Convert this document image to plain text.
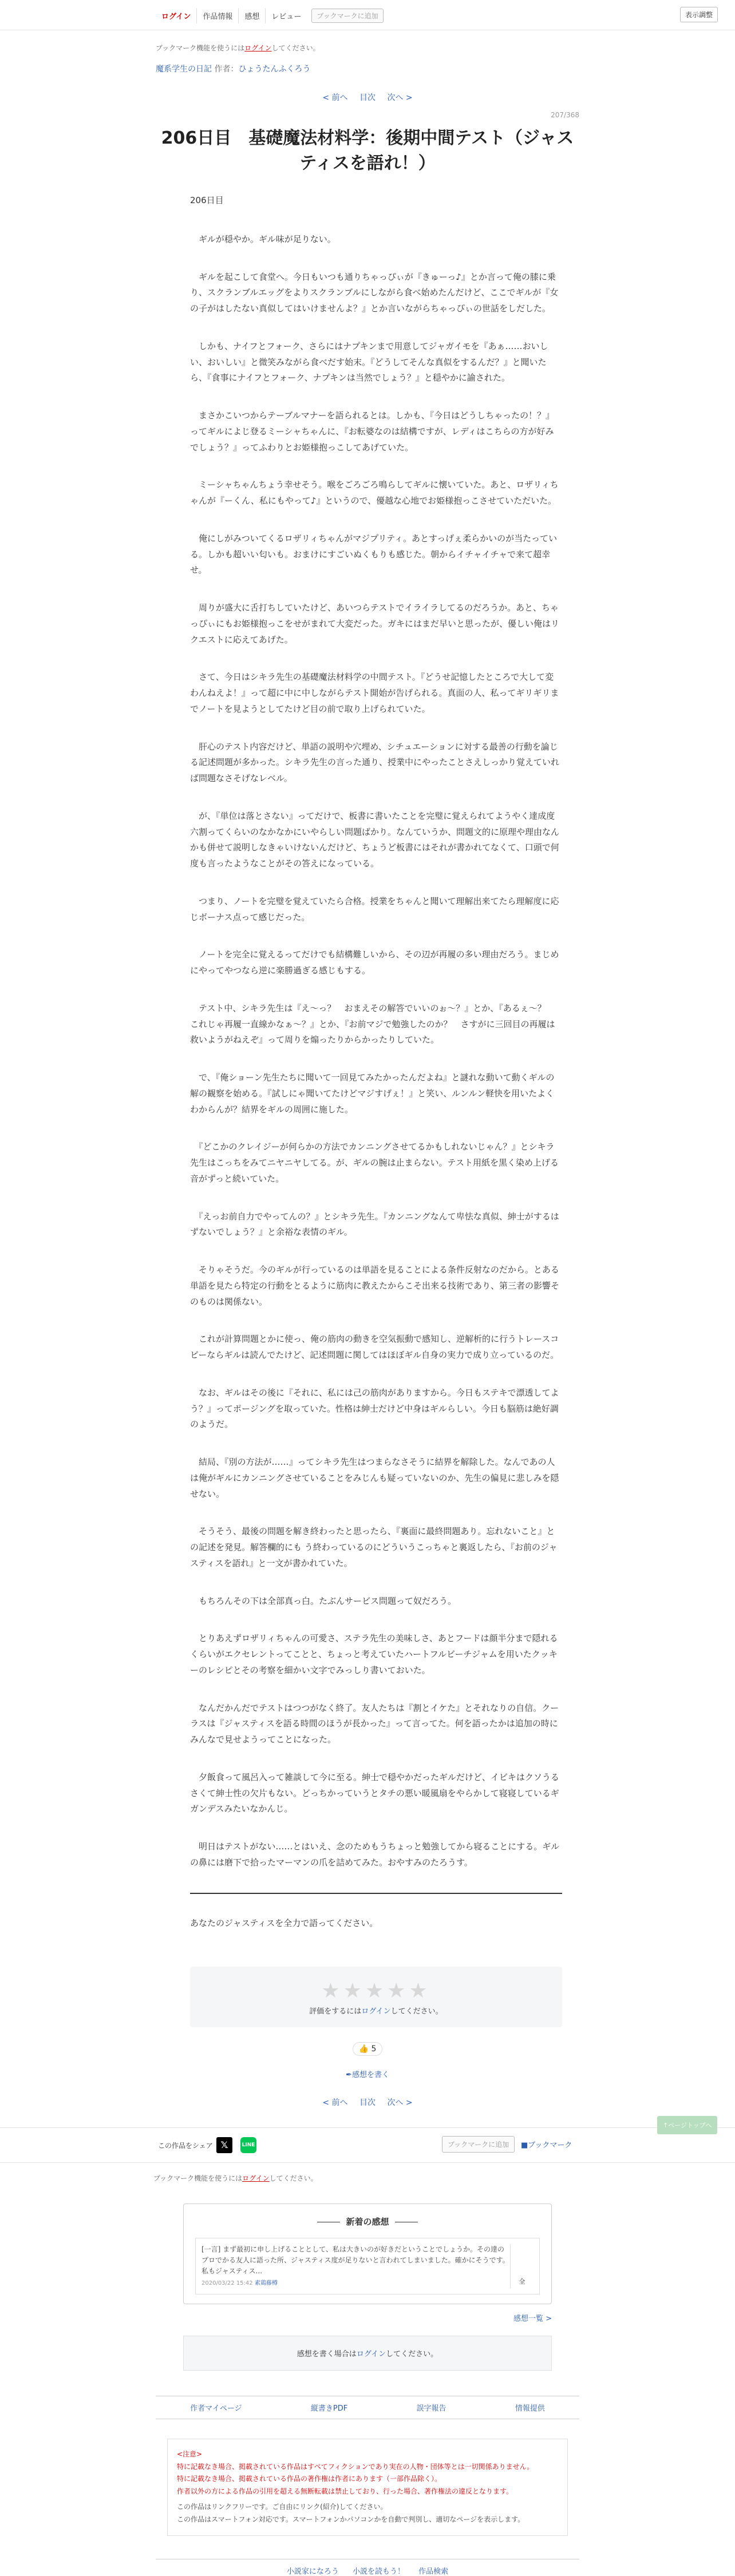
ログイン	作品情報	感想	レビュー	ブックマークに追加	表示調整
ブックマーク機能を使うにはログインしてください。
魔系学生の日記 作者：ひょうたんふくろう
< 前へ 目次 次へ >
207/368
206日目　基礎魔法材料学：後期中間テスト（ジャスティスを語れ！）

206日目

　ギルが穏やか。ギル味が足りない。

　ギルを起こして食堂へ。今日もいつも通りちゃっぴぃが『きゅーっ♪』とか言って俺の膝に乗り、スクランブルエッグをよりスクランブルにしながら食べ始めたんだけど、ここでギルが『女の子がはしたない真似してはいけませんよ？』とか言いながらちゃっぴぃの世話をしだした。

　しかも、ナイフとフォーク、さらにはナプキンまで用意してジャガイモを『あぁ……おいしい、おいしい』と微笑みながら食べだす始末。『どうしてそんな真似をするんだ？』と聞いたら、『食事にナイフとフォーク、ナプキンは当然でしょう？』と穏やかに諭された。

　まさかこいつからテーブルマナーを語られるとは。しかも、『今日はどうしちゃったの！？』ってギルによじ登るミーシャちゃんに、『お転婆なのは結構ですが、レディはこちらの方が好みでしょう？』ってふわりとお姫様抱っこしてあげていた。

　ミーシャちゃんちょう幸せそう。喉をごろごろ鳴らしてギルに懐いていた。あと、ロザリィちゃんが『ーくん、私にもやって♪』というので、優越な心地でお姫様抱っこさせていただいた。

　俺にしがみついてくるロザリィちゃんがマジプリティ。あとすっげぇ柔らかいのが当たっている。しかも超いい匂いも。おまけにすごいぬくもりも感じた。朝からイチャイチャで来て超幸せ。

　周りが盛大に舌打ちしていたけど、あいつらテストでイライラしてるのだろうか。あと、ちゃっぴぃにもお姫様抱っこをせがまれて大変だった。ガキにはまだ早いと思ったが、優しい俺はリクエストに応えてあげた。

　さて、今日はシキラ先生の基礎魔法材料学の中間テスト。『どうせ記憶したところで大して変わんねえよ！』って超に中に中しながらテスト開始が告げられる。真面の人、私ってギリギリまでノートを見ようとしてたけど目の前で取り上げられていた。

　肝心のテスト内容だけど、単語の説明や穴埋め、シチュエーションに対する最善の行動を論じる記述問題が多かった。シキラ先生の言った通り、授業中にやったことさえしっかり覚えていれば問題なさそげなレベル。

　が、『単位は落とさない』ってだけで、板書に書いたことを完璧に覚えられてようやく達成度六割ってくらいのなかなかにいやらしい問題ばかり。なんていうか、問題文的に原理や理由なんかも併せて説明しなきゃいけないんだけど、ちょうど板書にはそれが書かれてなくて、口頭で何度も言ったようなことがその答えになっている。

　つまり、ノートを完璧を覚えていたら合格。授業をちゃんと聞いて理解出来てたら理解度に応じボーナス点って感じだった。

　ノートを完全に覚えるってだけでも結構難しいから、その辺が再履の多い理由だろう。まじめにやってやつなら逆に楽勝過ぎる感じもする。

　テスト中、シキラ先生は『え〜っ？　おまえその解答でいいのぉ〜？』とか、『あるぇ〜？　これじゃ再履一直線かなぁ〜？』とか、『お前マジで勉強したのか？　さすがに三回目の再履は救いようがねえぞ』って周りを煽ったりからかったりしていた。

　で、『俺ショーン先生たちに聞いて一回見てみたかったんだよね』と謎れな動いて動くギルの解の観察を始める。『試しにゃ聞いてたけどマジすげぇ！』と笑い、ルンルン軽快を用いたよくわからんが？結界をギルの周囲に施した。

　『どこかのクレイジーが何らかの方法でカンニングさせてるかもしれないじゃん？』とシキラ先生はこっちをみてニヤニヤしてる。が、ギルの腕は止まらない。テスト用紙を黒く染め上げる音がずっと続いていた。

　『えっお前自力でやってんの？』とシキラ先生。『カンニングなんて卑怯な真似、紳士がするはずないでしょう？』と余裕な表情のギル。

　そりゃそうだ。今のギルが行っているのは単語を見ることによる条件反射なのだから。とある単語を見たら特定の行動をとるように筋肉に教えたからこそ出来る技術であり、第三者の影響そのものは関係ない。

　これが計算問題とかに使っ、俺の筋肉の動きを空気振動で感知し、逆解析的に行うトレースコピーならギルは読んでたけど、記述問題に関してはほぼギル自身の実力で成り立っているのだ。

　なお、ギルはその後に『それに、私には己の筋肉がありますから。今日もステキで漂透してよう？』ってポージングを取っていた。性格は紳士だけど中身はギルらしい。今日も脳筋は絶好調のようだ。

　結局、『別の方法が……』ってシキラ先生はつまらなさそうに結界を解除した。なんであの人は俺がギルにカンニングさせていることをみじんも疑っていないのか、先生の偏見に悲しみを隠せない。

　そうそう、最後の問題を解き終わったと思ったら、『裏面に最終問題あり。忘れないこと』との記述を発見。解答欄的にも う終わっているのにどういうこっちゃと裏返したら、『お前のジャスティスを語れ』と一文が書かれていた。

　もちろんその下は全部真っ白。たぶんサービス問題って奴だろう。

　とりあえずロザリィちゃんの可愛さ、ステラ先生の美味しさ、あとフードは顔半分まで隠れるくらいがエクセレントってことと、ちょっと考えていたハートフルビーチジャムを用いたクッキーのレシピとその考察を細かい文字でみっしり書いておいた。

　なんだかんだでテストはつつがなく終了。友人たちは『割とイケた』とそれなりの自信。クーラスは『ジャスティスを語る時間のほうが長かった』って言ってた。何を語ったかは追加の時にみんなで見せようってことになった。

　夕飯食って風呂入って雑談して今に至る。紳士で穏やかだったギルだけど、イビキはクソうるさくて紳士性の欠片もない。どっちかっていうとタチの悪い暖風扇をやらかして寝寝しているギガンデスみたいなかんじ。

　明日はテストがない……とはいえ、念のためもうちょっと勉強してから寝ることにする。ギルの鼻には磨下で拾ったマーマンの爪を詰めてみた。おやすみのたろうす。

あなたのジャスティスを全力で語ってください。
★★★★★
評価をするにはログインしてください。
👍 5
✒感想を書く
< 前へ 目次 次へ >
この作品をシェア 𝕏	LINE	ブックマークに追加	■ブックマーク
↑ページトップへ
ブックマーク機能を使うにはログインしてください。
新着の感想
[一言] まず最初に申し上げることとして、私は大きいのが好きだということでしょうか。その達のプロでかる友人に語った所、ジャスティス度が足りないと言われてしまいました。確かにそうです。私もジャスティス...
2020/03/22 15:42 素鶏藤樽	全
感想一覧 >
感想を書く場合はログインしてください。
作者マイページ	縦書きPDF	誤字報告	情報提供
<注意>
特に記載なき場合、掲載されている作品はすべてフィクションであり実在の人物・団体等とは一切関係ありません。
特に記載なき場合、掲載されている作品の著作権は作者にあります（一部作品除く）。
作者以外の方による作品の引用を超える無断転載は禁止しており、行った場合、著作権法の違反となります。
この作品はリンクフリーです。ご自由にリンク(紹介)してください。
この作品はスマートフォン対応です。スマートフォンかパソコンかを自動で判別し、適切なページを表示します。
小説家になろう 小説を読もう！ 作品検索
